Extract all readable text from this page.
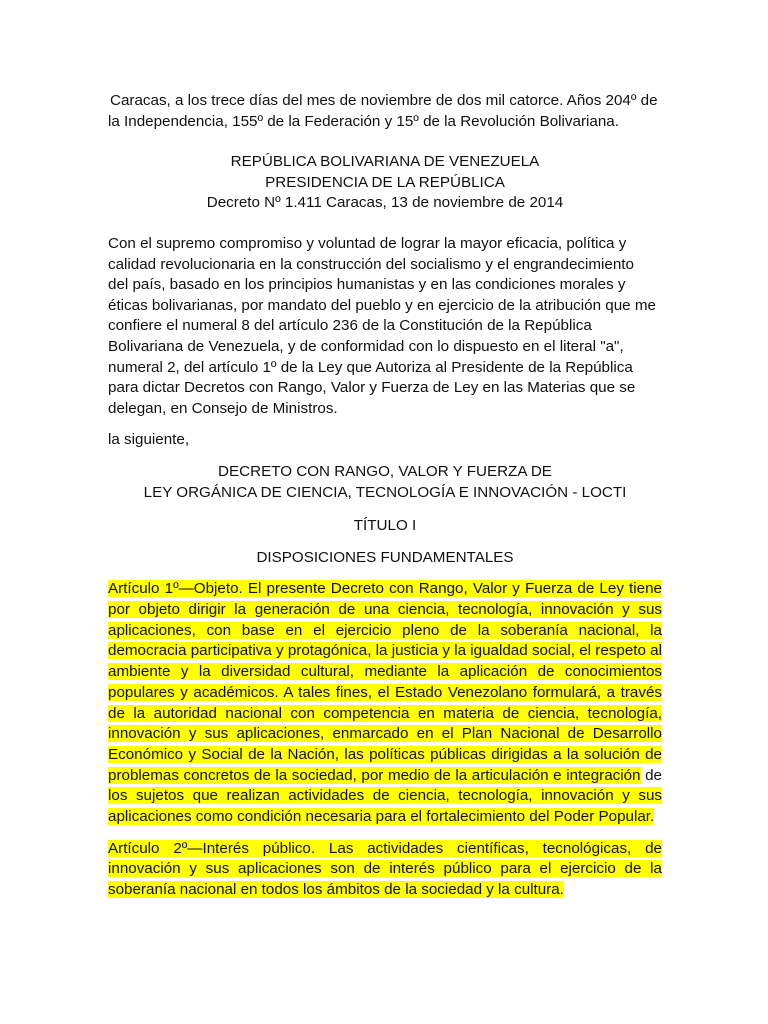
Caracas, a los trece días del mes de noviembre de dos mil catorce. Años 204º de la Independencia, 155º de la Federación y 15º de la Revolución Bolivariana.

REPÚBLICA BOLIVARIANA DE VENEZUELA
PRESIDENCIA DE LA REPÚBLICA
Decreto Nº 1.411 Caracas, 13 de noviembre de 2014

Con el supremo compromiso y voluntad de lograr la mayor eficacia, política y calidad revolucionaria en la construcción del socialismo y el engrandecimiento del país, basado en los principios humanistas y en las condiciones morales y éticas bolivarianas, por mandato del pueblo y en ejercicio de la atribución que me confiere el numeral 8 del artículo 236 de la Constitución de la República Bolivariana de Venezuela, y de conformidad con lo dispuesto en el literal "a", numeral 2, del artículo 1º de la Ley que Autoriza al Presidente de la República para dictar Decretos con Rango, Valor y Fuerza de Ley en las Materias que se delegan, en Consejo de Ministros.

la siguiente,

DECRETO CON RANGO, VALOR Y FUERZA DE
LEY ORGÁNICA DE CIENCIA, TECNOLOGÍA E INNOVACIÓN - LOCTI
TÍTULO I
DISPOSICIONES FUNDAMENTALES

Artículo 1º—Objeto. El presente Decreto con Rango, Valor y Fuerza de Ley tiene por objeto dirigir la generación de una ciencia, tecnología, innovación y sus aplicaciones, con base en el ejercicio pleno de la soberanía nacional, la democracia participativa y protagónica, la justicia y la igualdad social, el respeto al ambiente y la diversidad cultural, mediante la aplicación de conocimientos populares y académicos. A tales fines, el Estado Venezolano formulará, a través de la autoridad nacional con competencia en materia de ciencia, tecnología, innovación y sus aplicaciones, enmarcado en el Plan Nacional de Desarrollo Económico y Social de la Nación, las políticas públicas dirigidas a la solución de problemas concretos de la sociedad, por medio de la articulación e integración de los sujetos que realizan actividades de ciencia, tecnología, innovación y sus aplicaciones como condición necesaria para el fortalecimiento del Poder Popular.

Artículo 2º—Interés público. Las actividades científicas, tecnológicas, de innovación y sus aplicaciones son de interés público para el ejercicio de la soberanía nacional en todos los ámbitos de la sociedad y la cultura.
